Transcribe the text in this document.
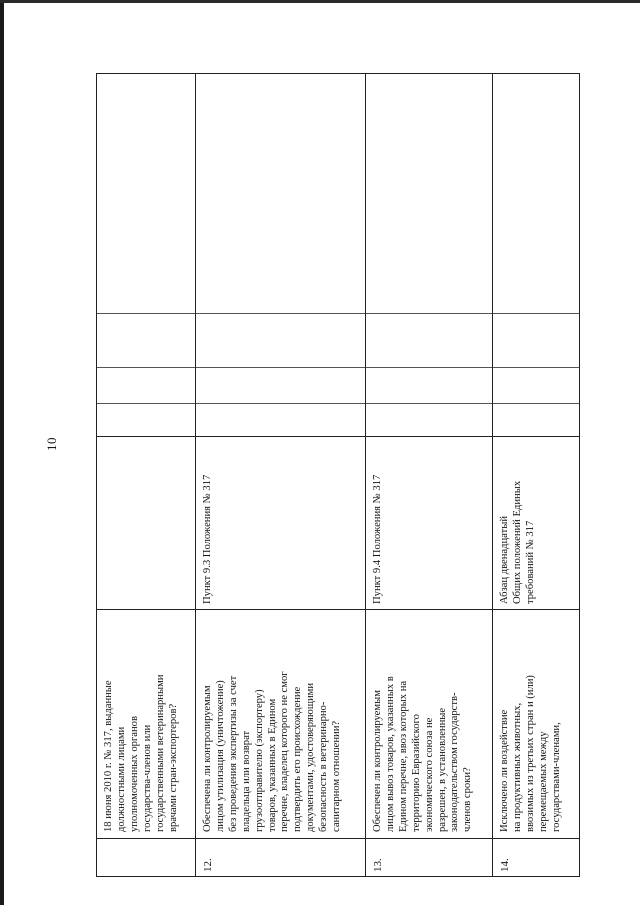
10
18 июня 2010 г. № 317, выданные
должностными лицами
уполномоченных органов
государства-членов или
государственными ветеринарными
врачами стран-экспортеров?
12.
Обеспечена ли контролируемым
лицом утилизация (уничтожение)
без проведения экспертизы за счет
владельца или возврат
грузоотправителю (экспортеру)
товаров, указанных в Едином
перечне, владелец которого не смог
подтвердить его происхождение
документами, удостоверяющими
безопасность в ветеринарно-
санитарном отношении?
Пункт 9.3 Положения № 317
13.
Обеспечен ли контролируемым
лицом вывоз товаров, указанных в
Едином перечне, ввоз которых на
территорию Евразийского
экономического союза не
разрешен, в установленные
законодательством государств-
членов сроки?
Пункт 9.4 Положения № 317
14.
Исключено ли воздействие
на продуктивных животных,
ввозимых из третьих стран и (или)
перемещаемых между
государствами-членами,
Абзац двенадцатый
Общих положений Единых
требований № 317
